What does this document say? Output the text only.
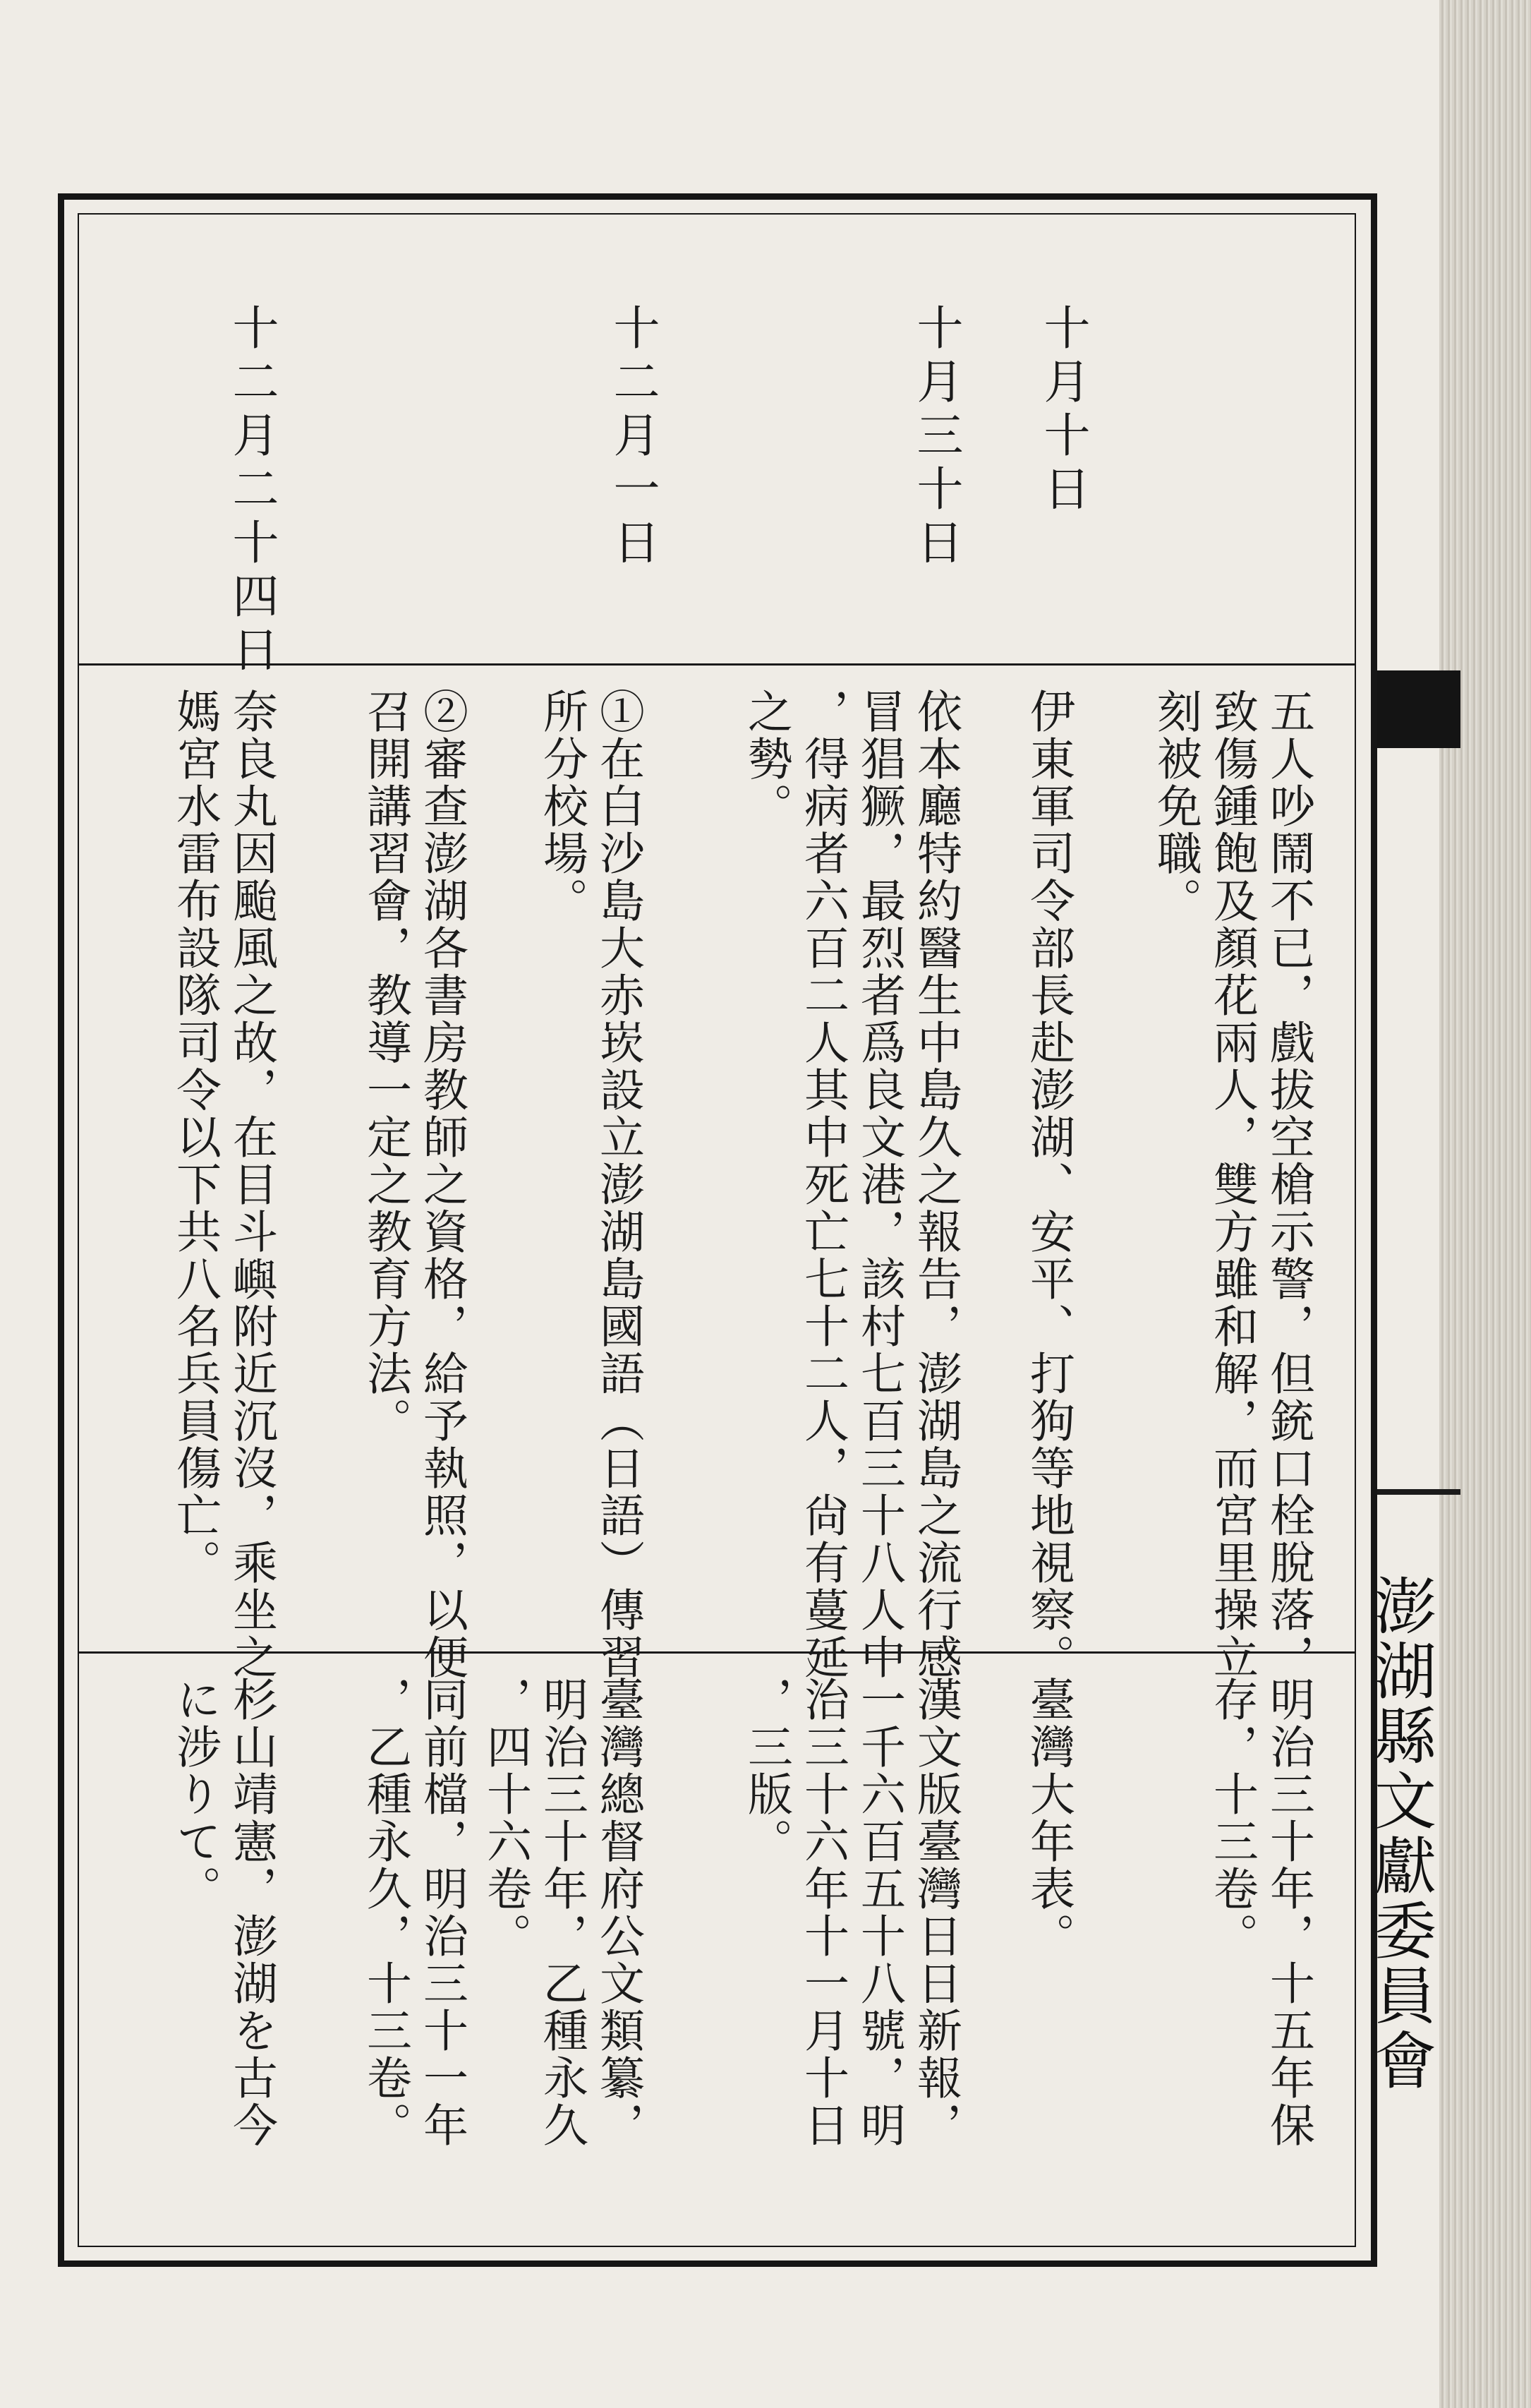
澎湖縣文獻委員會
十月十日
五人吵鬧不已，戲拔空槍示警，但銃口栓脫落，
致傷鍾飽及顏花兩人，雙方雖和解，而宮里操立
刻被免職。
明治三十年，十五年保
存，十三卷。
十月三十日
伊東軍司令部長赴澎湖、安平、打狗等地視察。
臺灣大年表。
依本廳特約醫生中島久之報告，澎湖島之流行感
冒猖獗，最烈者爲良文港，該村七百三十八人中
，得病者六百二人其中死亡七十二人，尙有蔓延
之勢。
漢文版臺灣日日新報，
一千六百五十八號，明
治三十六年十一月十日
，三版。
十二月一日
①在白沙島大赤崁設立澎湖島國語（日語）傳習
所分校場。
②審查澎湖各書房教師之資格，給予執照，以便
召開講習會，教導一定之教育方法。
臺灣總督府公文類纂，
明治三十年，乙種永久
，四十六卷。
同前檔，明治三十一年
，乙種永久，十三卷。
十二月二十四日
奈良丸因颱風之故，在目斗嶼附近沉沒，乘坐之
媽宮水雷布設隊司令以下共八名兵員傷亡。
杉山靖憲，澎湖を古今
に涉りて。
